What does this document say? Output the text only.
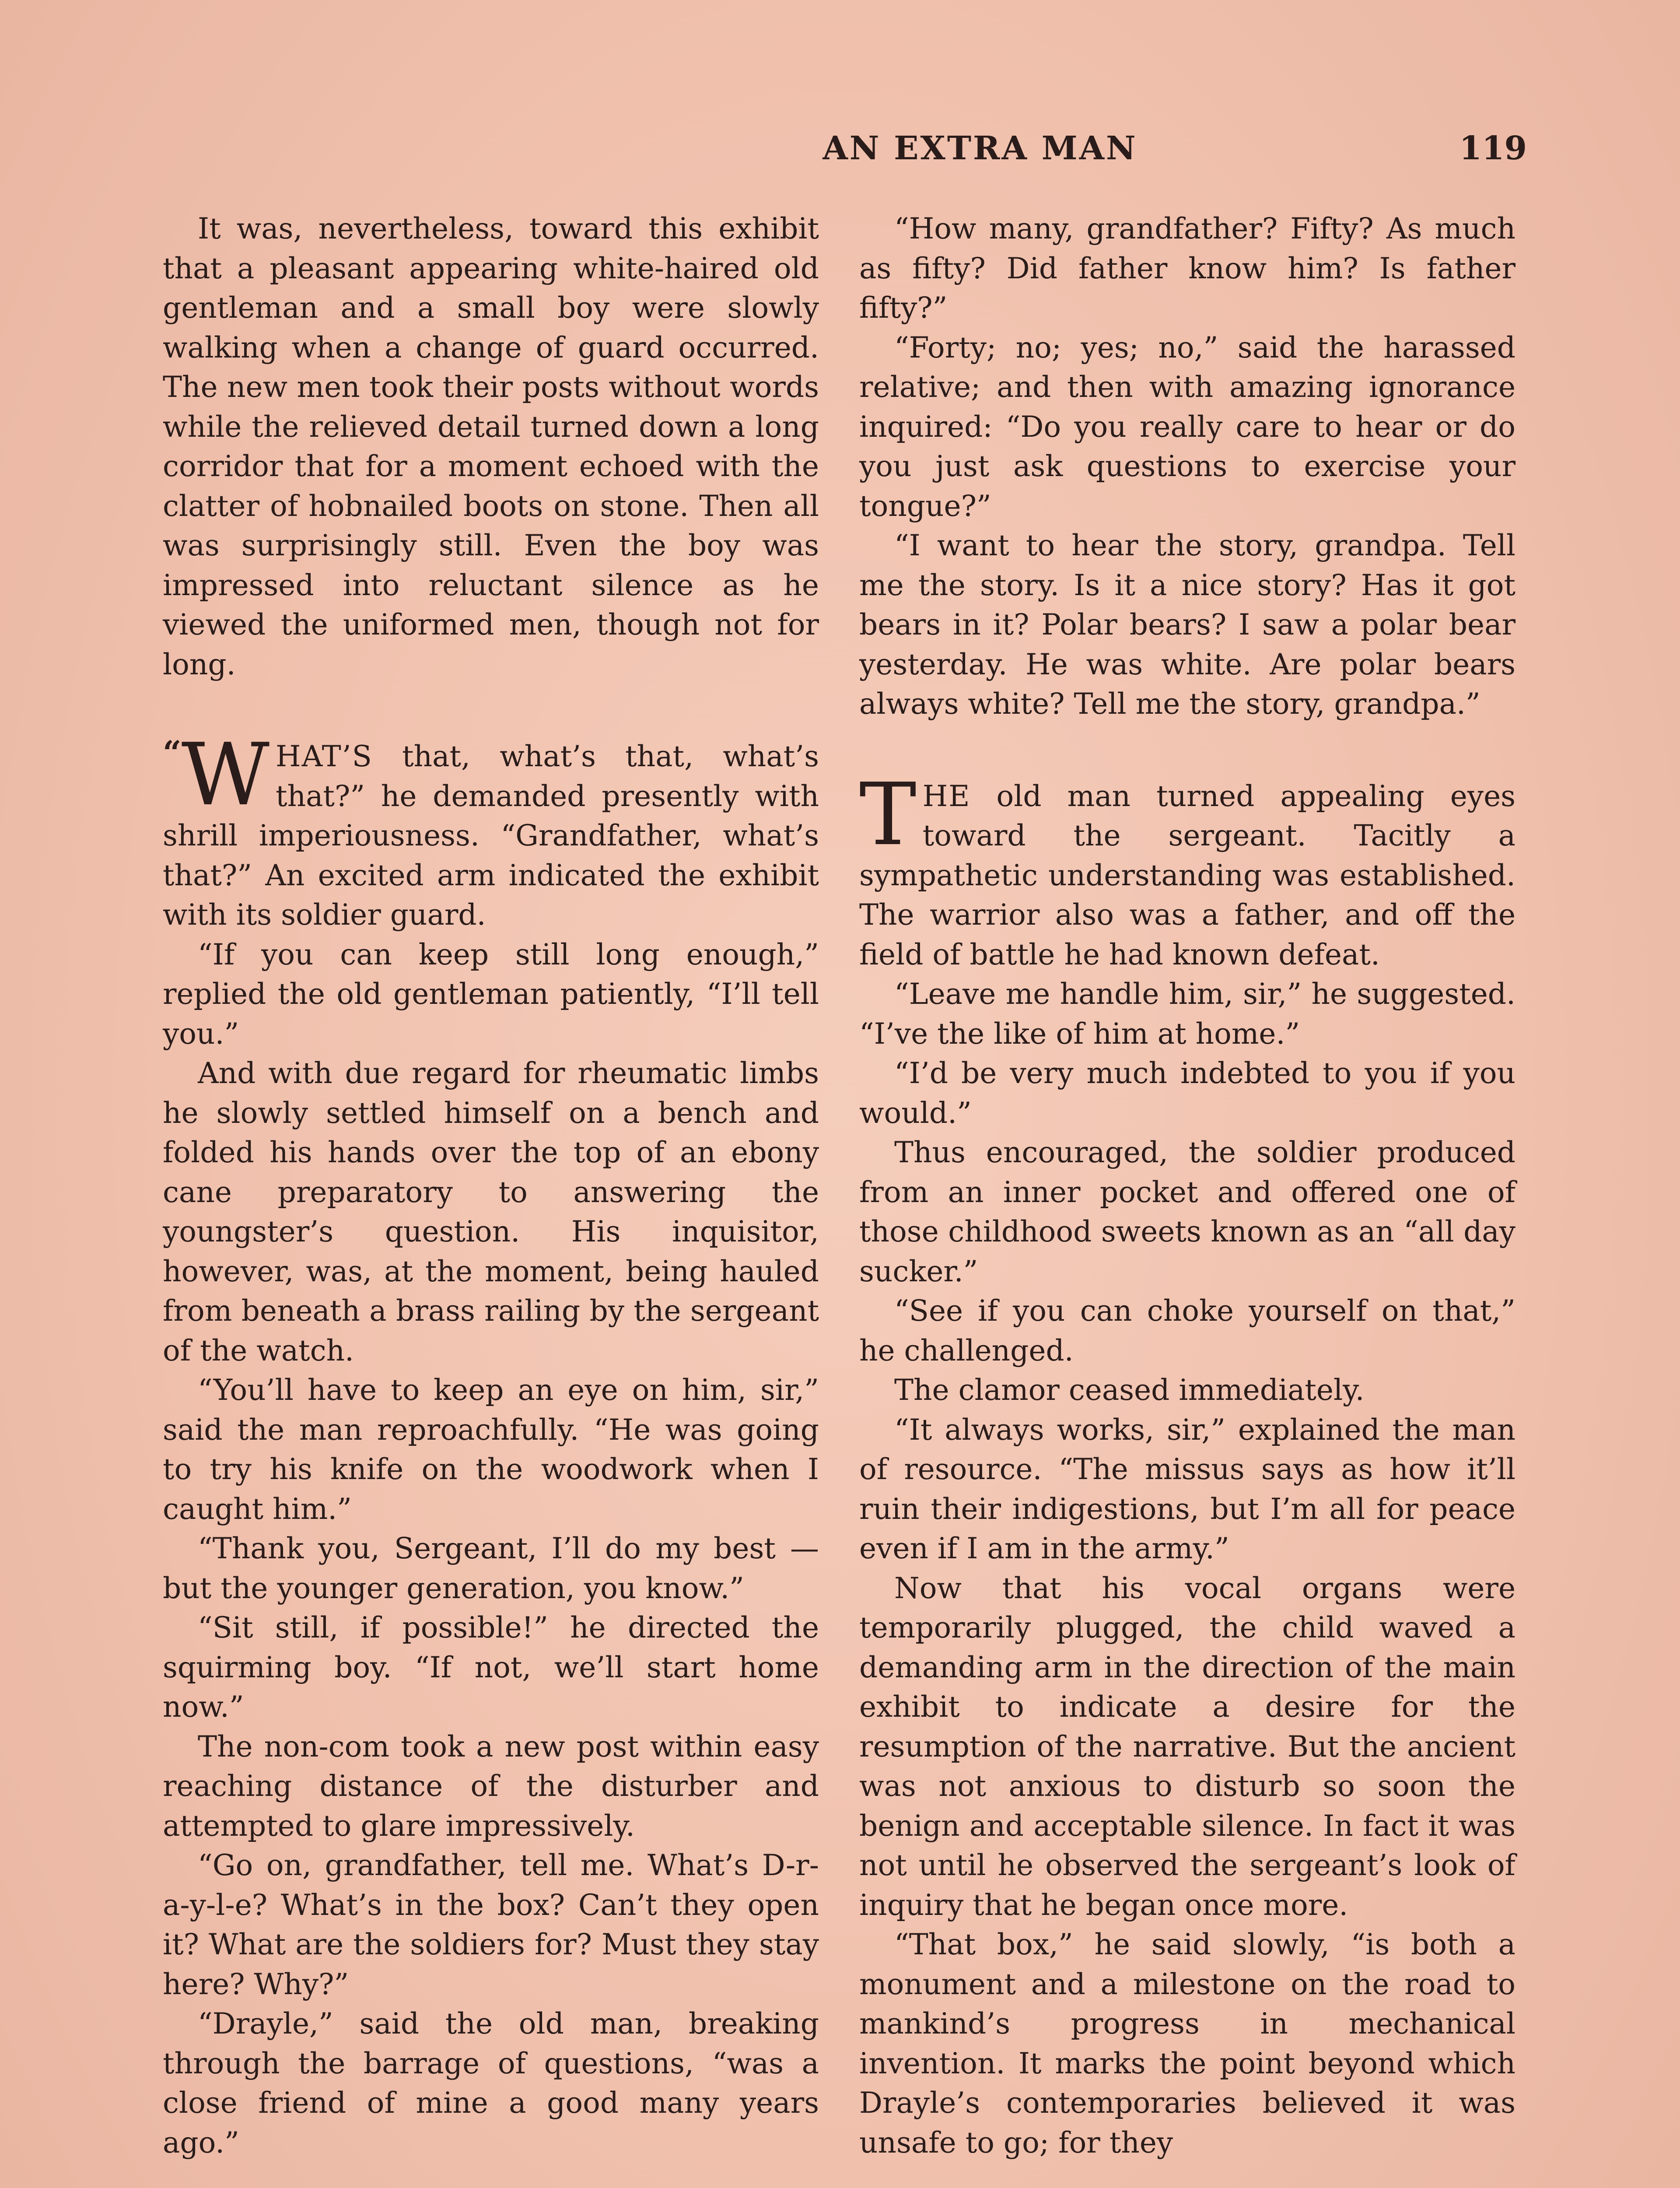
AN EXTRA MAN	119

It was, nevertheless, toward this exhibit that a pleasant appearing white-haired old gentleman and a small boy were slowly walking when a change of guard occurred. The new men took their posts without words while the relieved detail turned down a long corridor that for a moment echoed with the clatter of hobnailed boots on stone. Then all was surprisingly still. Even the boy was impressed into reluctant silence as he viewed the uniformed men, though not for long.

“ W HAT’S that, what’s that, what’s that?” he demanded presently with shrill imperiousness. “Grandfather, what’s that?” An excited arm indicated the exhibit with its soldier guard.

“If you can keep still long enough,” replied the old gentleman patiently, “I’ll tell you.”

And with due regard for rheumatic limbs he slowly settled himself on a bench and folded his hands over the top of an ebony cane preparatory to answering the youngster’s question. His inquisitor, however, was, at the moment, being hauled from beneath a brass railing by the sergeant of the watch.

“You’ll have to keep an eye on him, sir,” said the man reproachfully. “He was going to try his knife on the woodwork when I caught him.”

“Thank you, Sergeant, I’ll do my best —but the younger generation, you know.”

“Sit still, if possible!” he directed the squirming boy. “If not, we’ll start home now.”

The non-com took a new post within easy reaching distance of the disturber and attempted to glare impressively.

“Go on, grandfather, tell me. What’s D-r-a-y-l-e? What’s in the box? Can’t they open it? What are the soldiers for? Must they stay here? Why?”

“Drayle,” said the old man, breaking through the barrage of questions, “was a close friend of mine a good many years ago.”

“How many, grandfather? Fifty? As much as fifty? Did father know him? Is father fifty?”

“Forty; no; yes; no,” said the harassed relative; and then with amazing ignorance inquired: “Do you really care to hear or do you just ask questions to exercise your tongue?”

“I want to hear the story, grandpa. Tell me the story. Is it a nice story? Has it got bears in it? Polar bears? I saw a polar bear yesterday. He was white. Are polar bears always white? Tell me the story, grandpa.”

THE old man turned appealing eyes toward the sergeant. Tacitly a sympathetic understanding was established. The warrior also was a father, and off the field of battle he had known defeat.

“Leave me handle him, sir,” he suggested. “I’ve the like of him at home.”

“I’d be very much indebted to you if you would.”

Thus encouraged, the soldier produced from an inner pocket and offered one of those childhood sweets known as an “all day sucker.”

“See if you can choke yourself on that,” he challenged.

The clamor ceased immediately.

“It always works, sir,” explained the man of resource. “The missus says as how it’ll ruin their indigestions, but I’m all for peace even if I am in the army.”

Now that his vocal organs were temporarily plugged, the child waved a demanding arm in the direction of the main exhibit to indicate a desire for the resumption of the narrative. But the ancient was not anxious to disturb so soon the benign and acceptable silence. In fact it was not until he observed the sergeant’s look of inquiry that he began once more.

“That box,” he said slowly, “is both a monument and a milestone on the road to mankind’s progress in mechanical invention. It marks the point beyond which Drayle’s contemporaries believed it was unsafe to go; for they
